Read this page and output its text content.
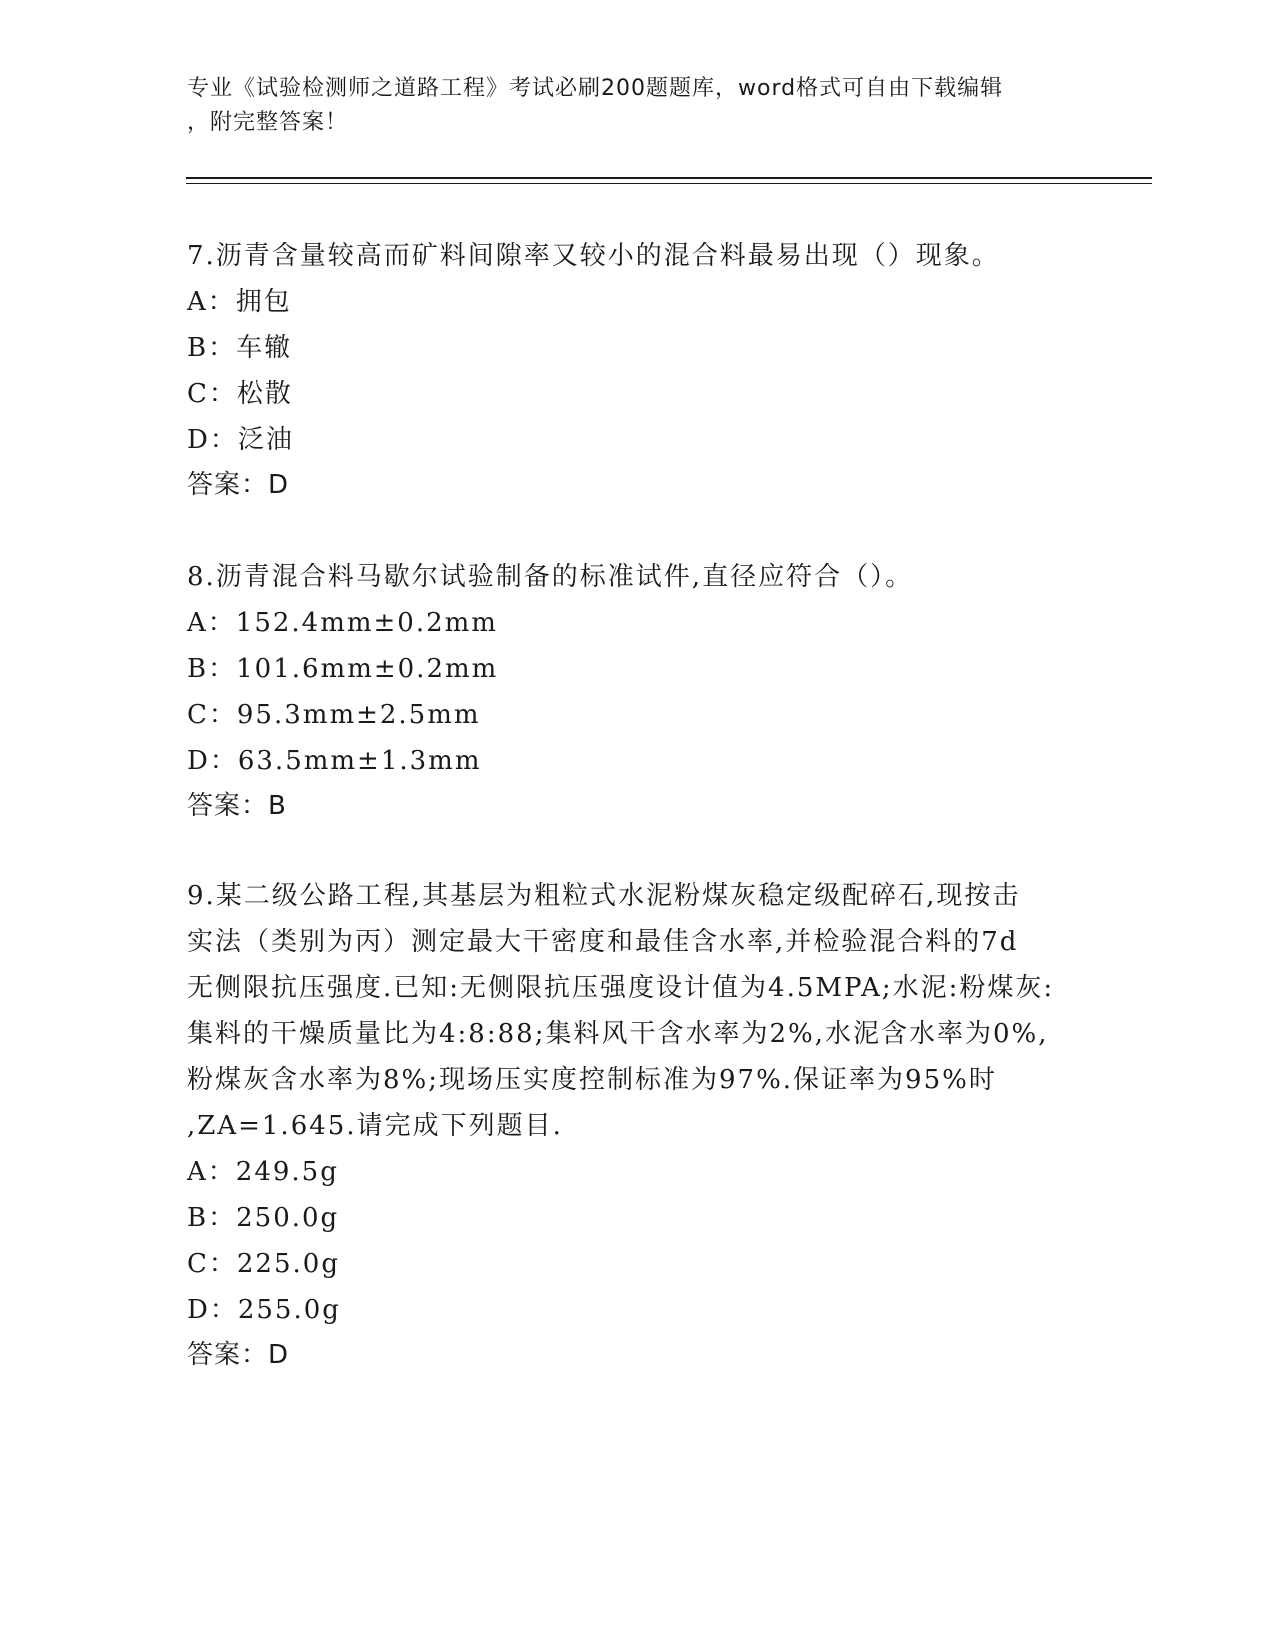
专业《试验检测师之道路工程》考试必刷200题题库，word格式可自由下载编辑

，附完整答案！

7.沥青含量较高而矿料间隙率又较小的混合料最易出现（）现象。

A：拥包

B：车辙

C：松散

D：泛油

答案：D

8.沥青混合料马歇尔试验制备的标准试件,直径应符合（）。

A：152.4mm±0.2mm

B：101.6mm±0.2mm

C：95.3mm±2.5mm

D：63.5mm±1.3mm

答案：B

9.某二级公路工程,其基层为粗粒式水泥粉煤灰稳定级配碎石,现按击

实法（类别为丙）测定最大干密度和最佳含水率,并检验混合料的7d

无侧限抗压强度.已知:无侧限抗压强度设计值为4.5MPA;水泥:粉煤灰:

集料的干燥质量比为4:8:88;集料风干含水率为2%,水泥含水率为0%,

粉煤灰含水率为8%;现场压实度控制标准为97%.保证率为95%时

,ZA=1.645.请完成下列题目.

A：249.5g

B：250.0g

C：225.0g

D：255.0g

答案：D
